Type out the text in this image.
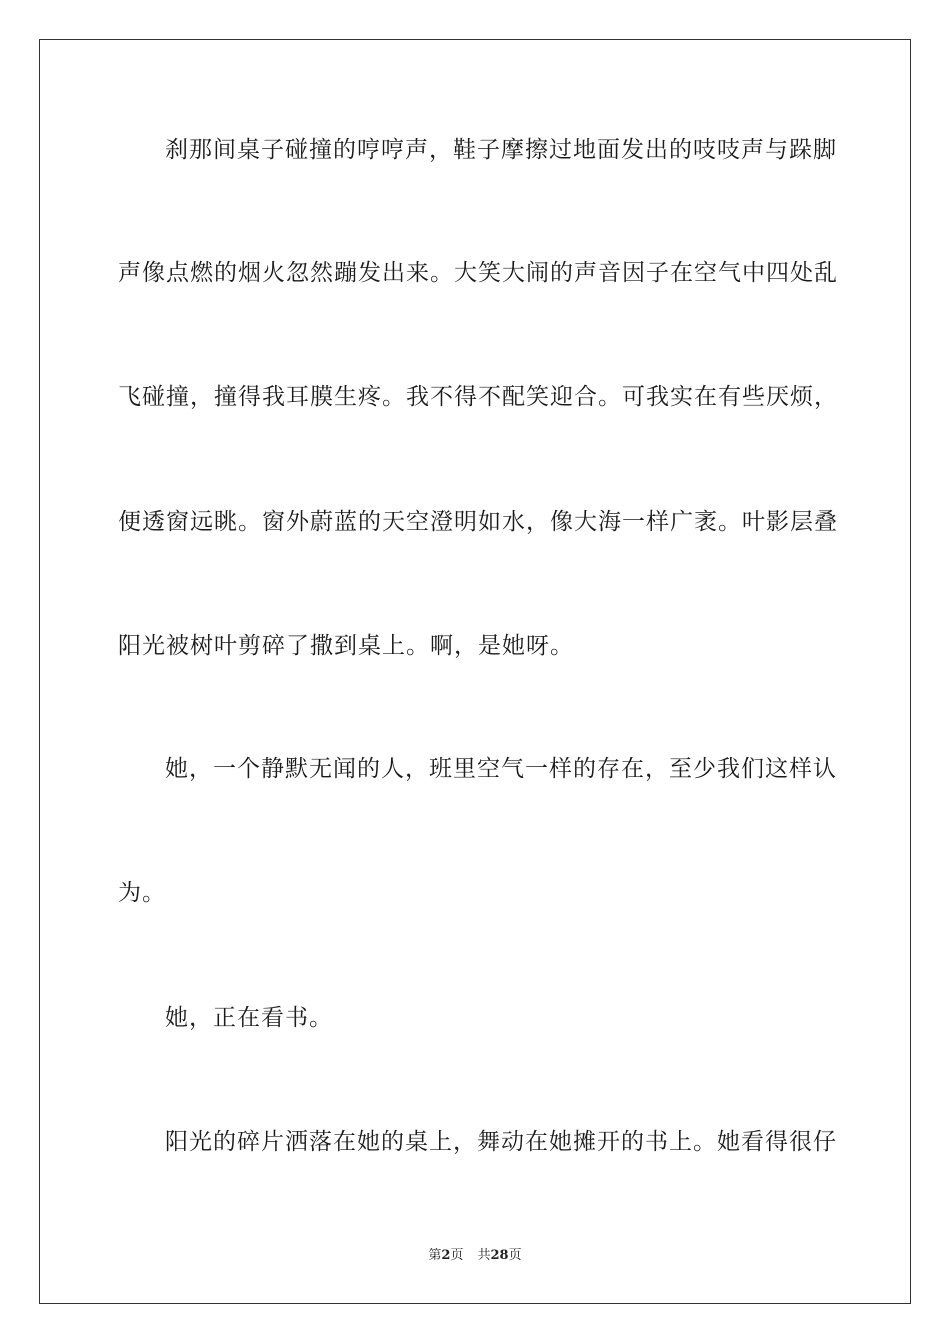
刹那间桌子碰撞的哼哼声，鞋子摩擦过地面发出的吱吱声与跺脚
声像点燃的烟火忽然蹦发出来。大笑大闹的声音因子在空气中四处乱
飞碰撞，撞得我耳膜生疼。我不得不配笑迎合。可我实在有些厌烦，
便透窗远眺。窗外蔚蓝的天空澄明如水，像大海一样广袤。叶影层叠
阳光被树叶剪碎了撒到桌上。啊，是她呀。
她，一个静默无闻的人，班里空气一样的存在，至少我们这样认
为。
她，正在看书。
阳光的碎片洒落在她的桌上，舞动在她摊开的书上。她看得很仔
第2页 共28页
